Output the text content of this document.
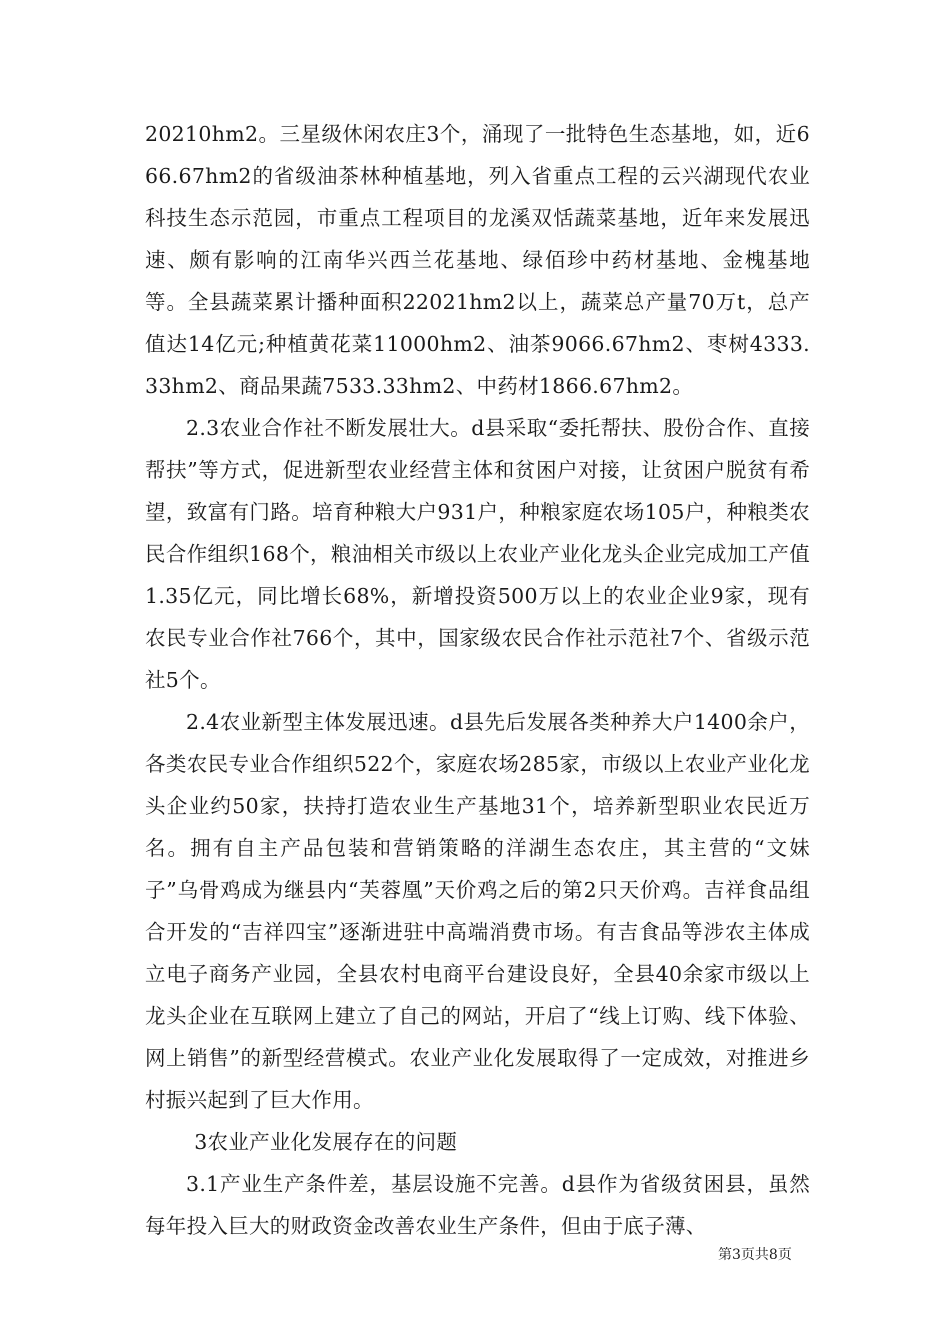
20210hm2。三星级休闲农庄3个，涌现了一批特色生态基地，如，近666.67hm2的省级油茶林种植基地，列入省重点工程的云兴湖现代农业科技生态示范园，市重点工程项目的龙溪双恬蔬菜基地，近年来发展迅速、颇有影响的江南华兴西兰花基地、绿佰珍中药材基地、金槐基地等。全县蔬菜累计播种面积22021hm2以上，蔬菜总产量70万t，总产值达14亿元;种植黄花菜11000hm2、油茶9066.67hm2、枣树4333.33hm2、商品果蔬7533.33hm2、中药材1866.67hm2。

2.3农业合作社不断发展壮大。d县采取“委托帮扶、股份合作、直接帮扶”等方式，促进新型农业经营主体和贫困户对接，让贫困户脱贫有希望，致富有门路。培育种粮大户931户，种粮家庭农场105户，种粮类农民合作组织168个，粮油相关市级以上农业产业化龙头企业完成加工产值1.35亿元，同比增长68%，新增投资500万以上的农业企业9家，现有农民专业合作社766个，其中，国家级农民合作社示范社7个、省级示范社5个。

2.4农业新型主体发展迅速。d县先后发展各类种养大户1400余户，各类农民专业合作组织522个，家庭农场285家，市级以上农业产业化龙头企业约50家，扶持打造农业生产基地31个，培养新型职业农民近万名。拥有自主产品包装和营销策略的洋湖生态农庄，其主营的“文妹子”乌骨鸡成为继县内“芙蓉凰”天价鸡之后的第2只天价鸡。吉祥食品组合开发的“吉祥四宝”逐渐进驻中高端消费市场。有吉食品等涉农主体成立电子商务产业园，全县农村电商平台建设良好，全县40余家市级以上龙头企业在互联网上建立了自己的网站，开启了“线上订购、线下体验、网上销售”的新型经营模式。农业产业化发展取得了一定成效，对推进乡村振兴起到了巨大作用。

3农业产业化发展存在的问题

3.1产业生产条件差，基层设施不完善。d县作为省级贫困县，虽然每年投入巨大的财政资金改善农业生产条件，但由于底子薄、

第3页共8页
